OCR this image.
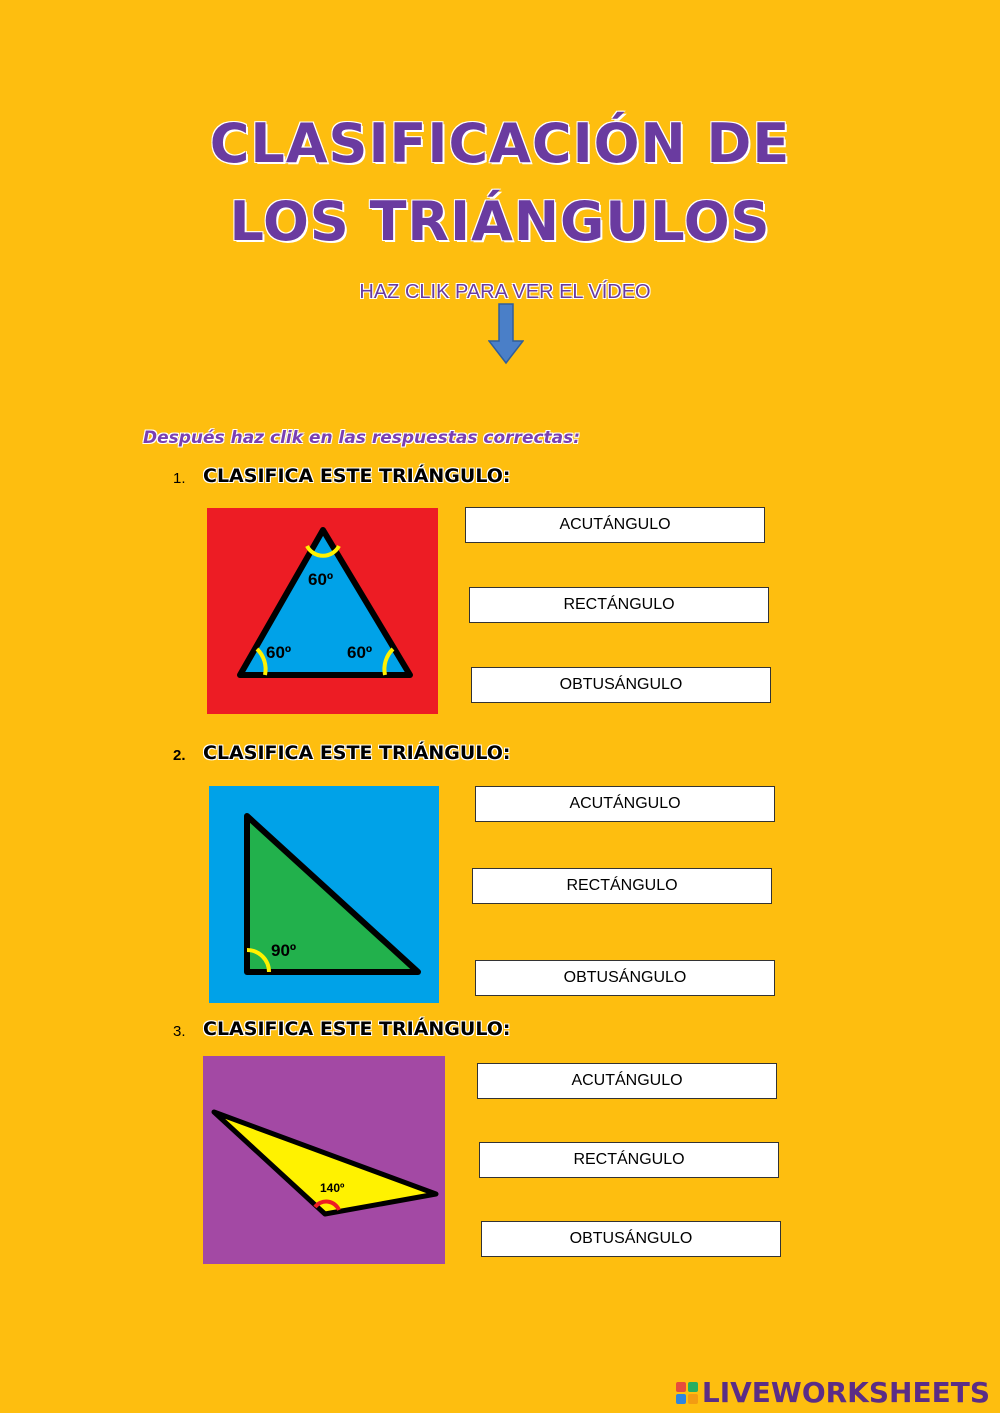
CLASIFICACIÓN DE
LOS TRIÁNGULOS
HAZ CLIK PARA VER EL VÍDEO
Después haz clik en las respuestas correctas:
1. CLASIFICA ESTE TRIÁNGULO:
60º
60º	60º
ACUTÁNGULO
RECTÁNGULO
OBTUSÁNGULO
2. CLASIFICA ESTE TRIÁNGULO:
90º
ACUTÁNGULO
RECTÁNGULO
OBTUSÁNGULO
3. CLASIFICA ESTE TRIÁNGULO:
140º
ACUTÁNGULO
RECTÁNGULO
OBTUSÁNGULO
LIVEWORKSHEETS
